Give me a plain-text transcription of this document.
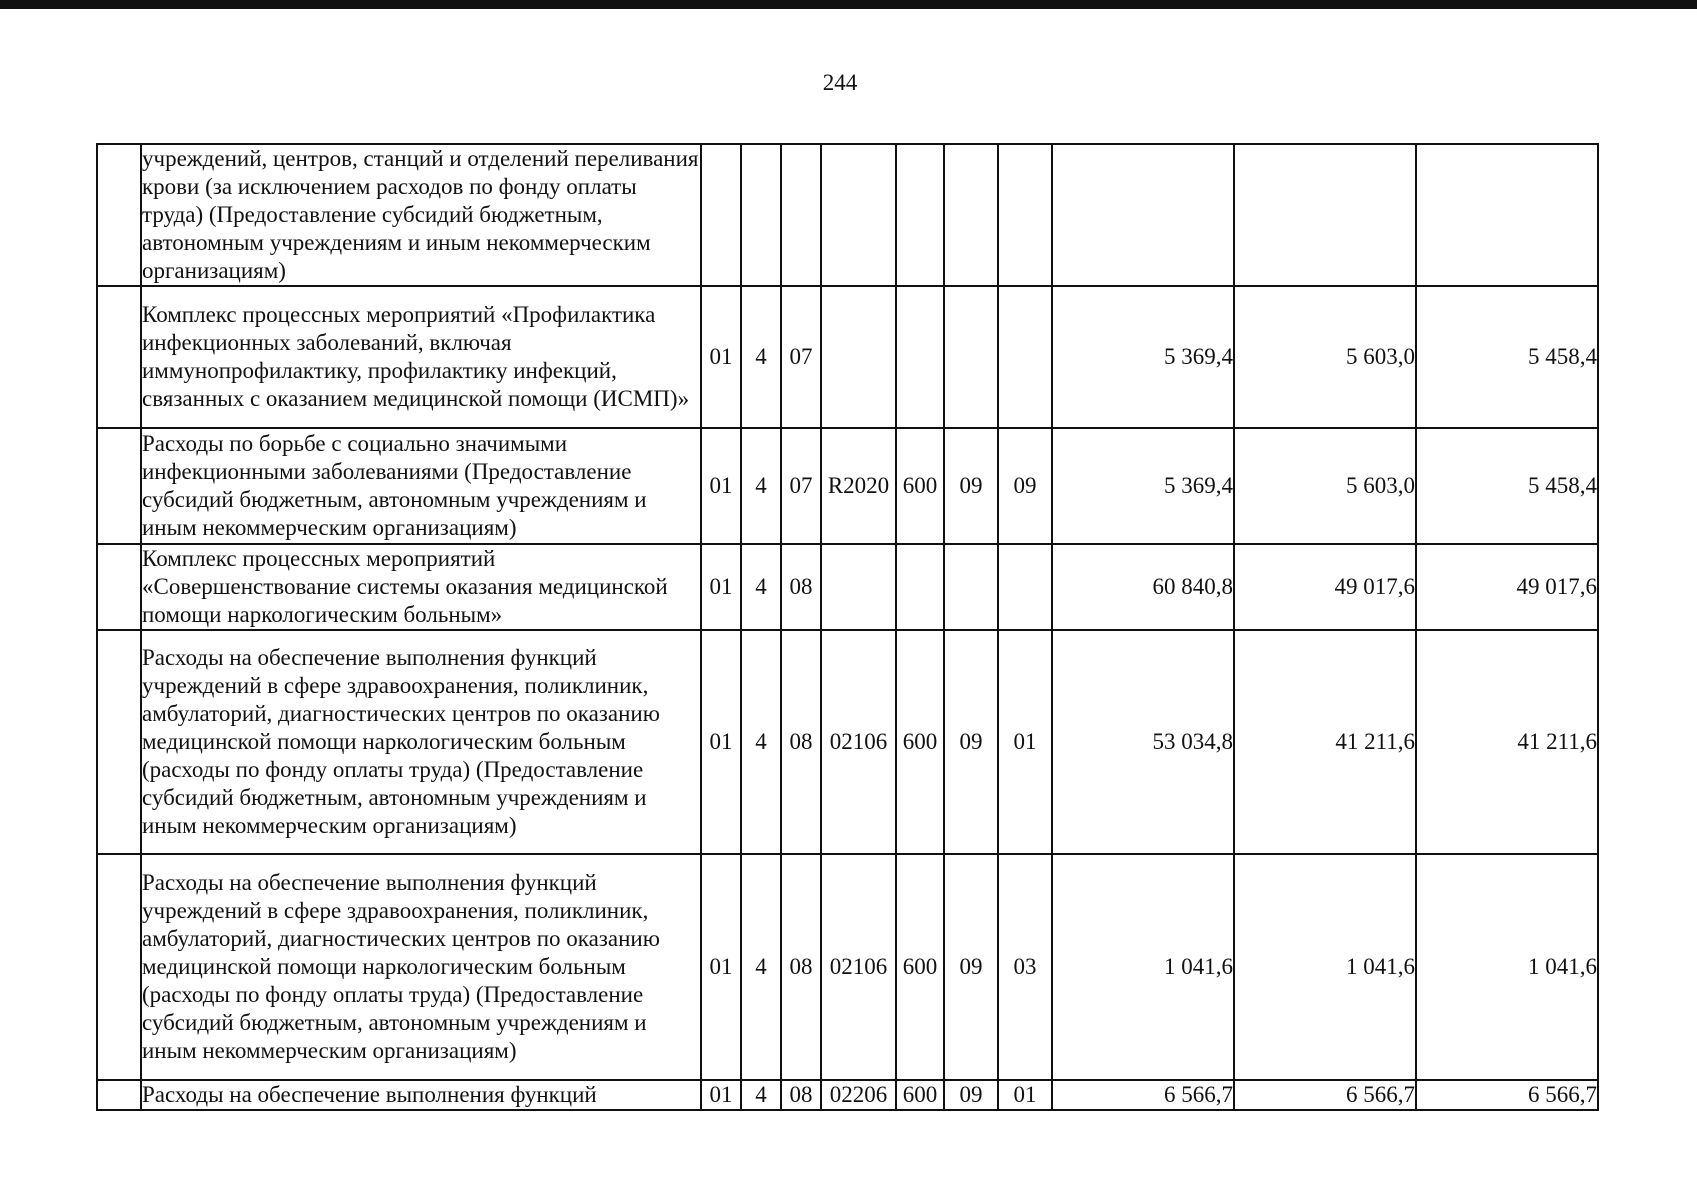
244
	учреждений, центров, станций и отделений переливания крови (за исключением расходов по фонду оплаты труда) (Предоставление субсидий бюджетным, автономным учреждениям и иным некоммерческим организациям)										
	Комплекс процессных мероприятий «Профилактика инфекционных заболеваний, включая иммунопрофилактику, профилактику инфекций, связанных с оказанием медицинской помощи (ИСМП)»	01	4	07					5 369,4	5 603,0	5 458,4
	Расходы по борьбе с социально значимыми инфекционными заболеваниями (Предоставление субсидий бюджетным, автономным учреждениям и иным некоммерческим организациям)	01	4	07	R2020	600	09	09	5 369,4	5 603,0	5 458,4
	Комплекс процессных мероприятий «Совершенствование системы оказания медицинской помощи наркологическим больным»	01	4	08					60 840,8	49 017,6	49 017,6
	Расходы на обеспечение выполнения функций учреждений в сфере здравоохранения, поликлиник, амбулаторий, диагностических центров по оказанию медицинской помощи наркологическим больным (расходы по фонду оплаты труда) (Предоставление субсидий бюджетным, автономным учреждениям и иным некоммерческим организациям)	01	4	08	02106	600	09	01	53 034,8	41 211,6	41 211,6
	Расходы на обеспечение выполнения функций учреждений в сфере здравоохранения, поликлиник, амбулаторий, диагностических центров по оказанию медицинской помощи наркологическим больным (расходы по фонду оплаты труда) (Предоставление субсидий бюджетным, автономным учреждениям и иным некоммерческим организациям)	01	4	08	02106	600	09	03	1 041,6	1 041,6	1 041,6
	Расходы на обеспечение выполнения функций	01	4	08	02206	600	09	01	6 566,7	6 566,7	6 566,7
